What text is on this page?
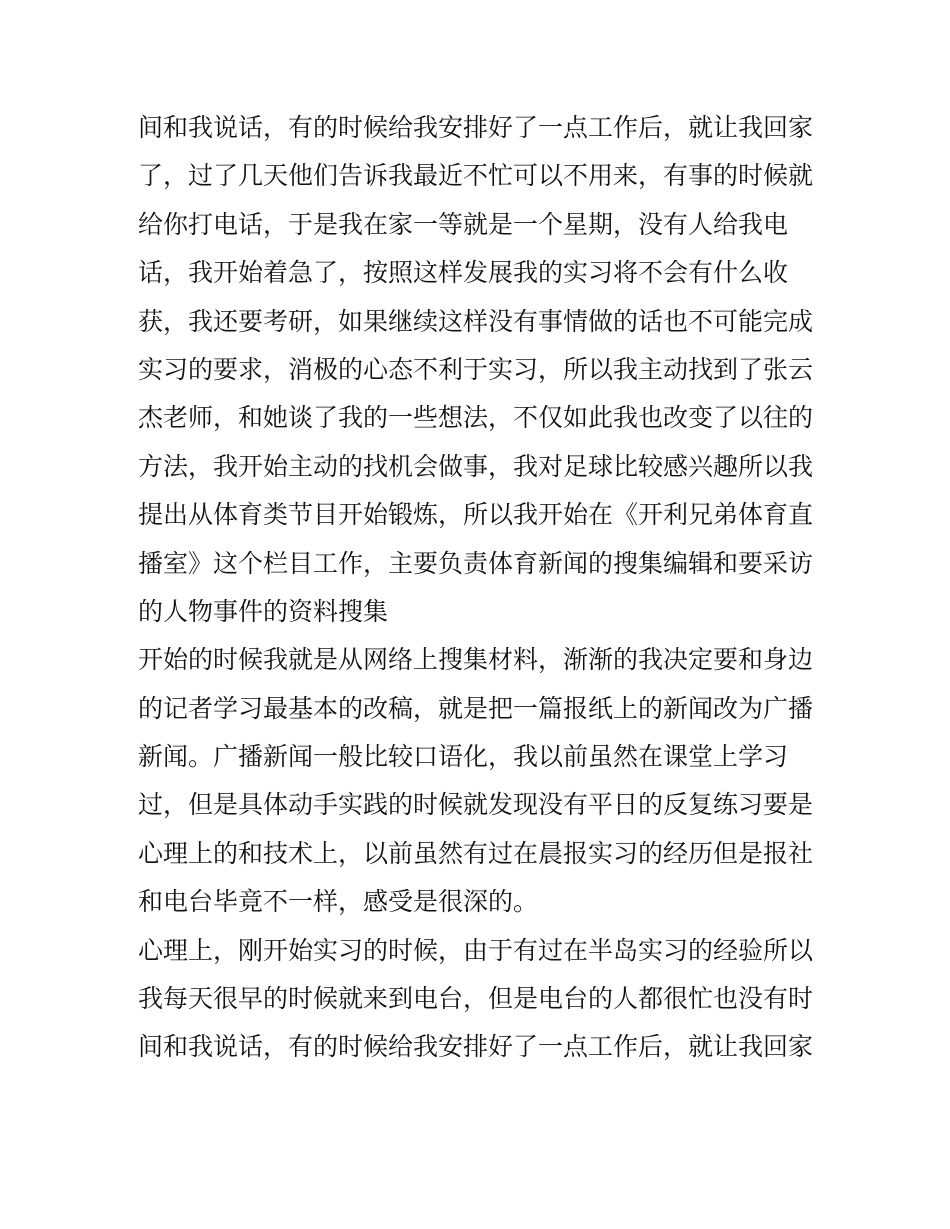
间和我说话，有的时候给我安排好了一点工作后，就让我回家
了，过了几天他们告诉我最近不忙可以不用来，有事的时候就
给你打电话，于是我在家一等就是一个星期，没有人给我电
话，我开始着急了，按照这样发展我的实习将不会有什么收
获，我还要考研，如果继续这样没有事情做的话也不可能完成
实习的要求，消极的心态不利于实习，所以我主动找到了张云
杰老师，和她谈了我的一些想法，不仅如此我也改变了以往的
方法，我开始主动的找机会做事，我对足球比较感兴趣所以我
提出从体育类节目开始锻炼，所以我开始在《开利兄弟体育直
播室》这个栏目工作，主要负责体育新闻的搜集编辑和要采访
的人物事件的资料搜集
开始的时候我就是从网络上搜集材料，渐渐的我决定要和身边
的记者学习最基本的改稿，就是把一篇报纸上的新闻改为广播
新闻。广播新闻一般比较口语化，我以前虽然在课堂上学习
过，但是具体动手实践的时候就发现没有平日的反复练习要是
心理上的和技术上，以前虽然有过在晨报实习的经历但是报社
和电台毕竟不一样，感受是很深的。
心理上，刚开始实习的时候，由于有过在半岛实习的经验所以
我每天很早的时候就来到电台，但是电台的人都很忙也没有时
间和我说话，有的时候给我安排好了一点工作后，就让我回家
